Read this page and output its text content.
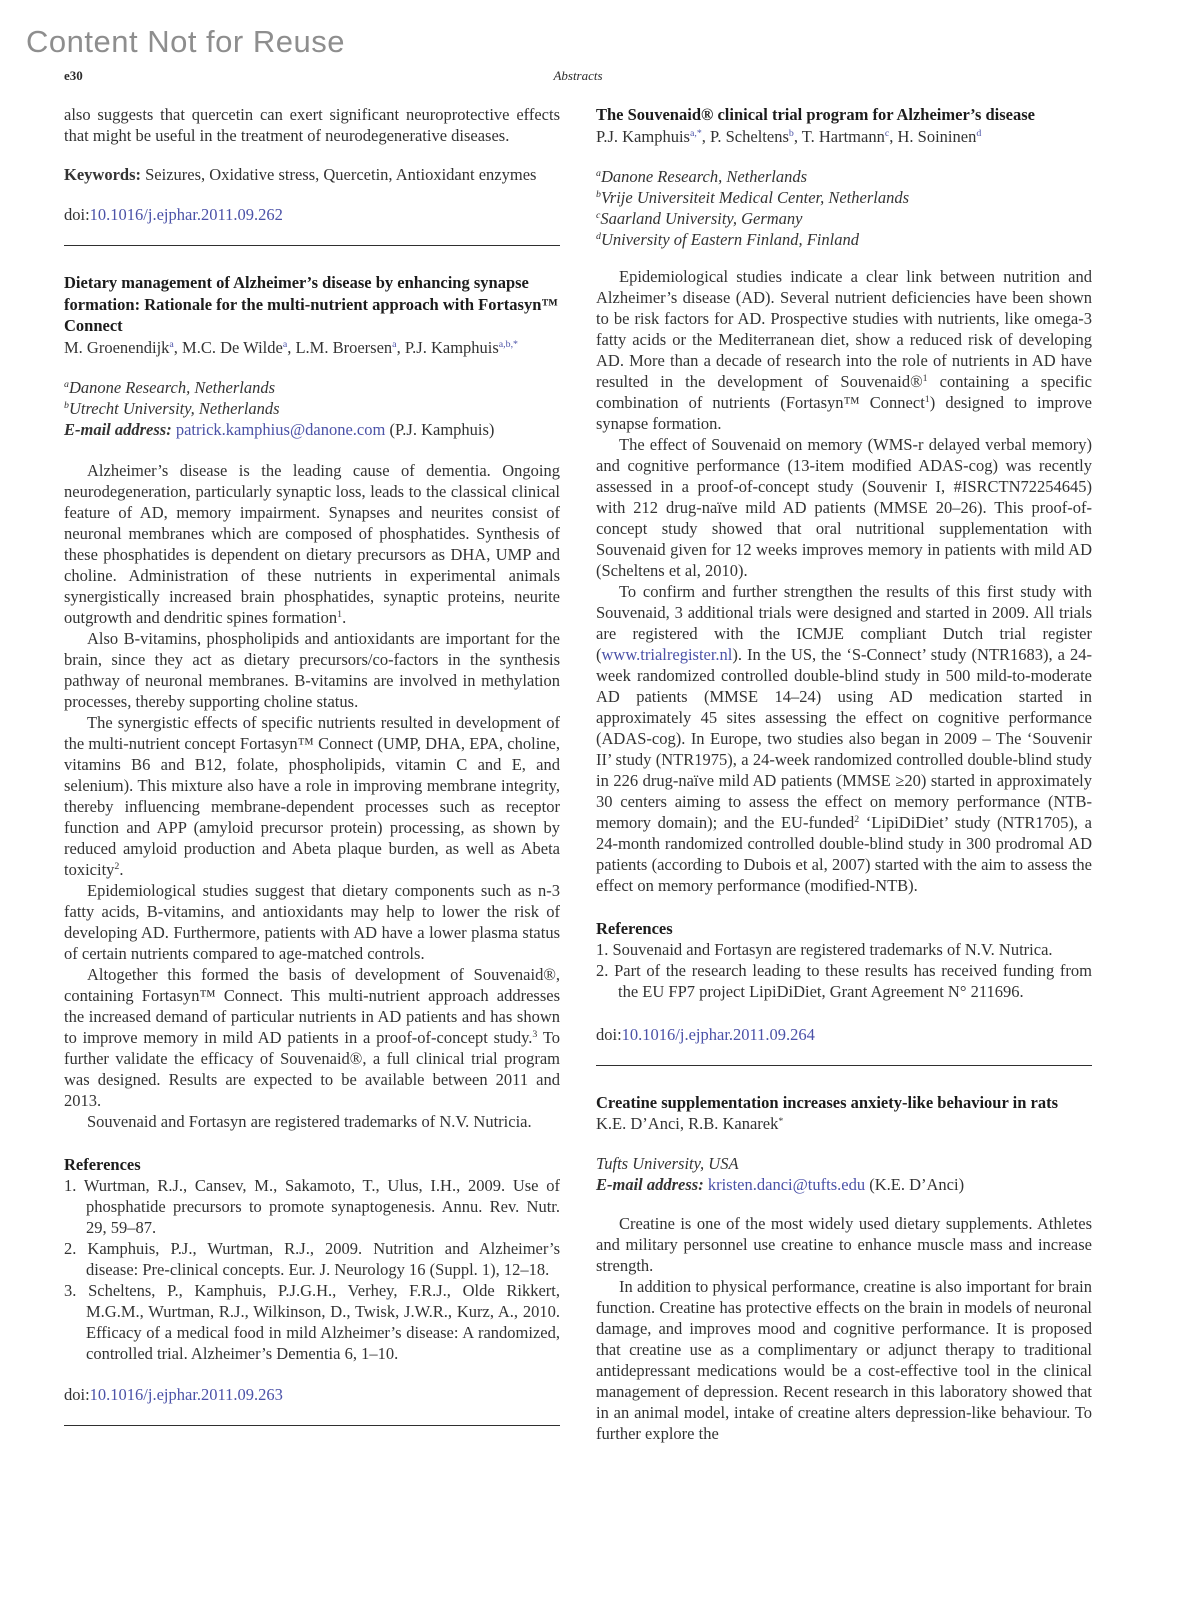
Content Not for Reuse
e30	Abstracts

also suggests that quercetin can exert significant neuroprotective effects that might be useful in the treatment of neurodegenerative diseases.

Keywords: Seizures, Oxidative stress, Quercetin, Antioxidant enzymes

doi:10.1016/j.ejphar.2011.09.262

Dietary management of Alzheimer’s disease by enhancing synapse formation: Rationale for the multi-nutrient approach with Fortasyn™ Connect

M. Groenendijk$^a$, M.C. De Wilde$^a$, L.M. Broersen$^a$, P.J. Kamphuis$^{a,b,*}$

$^a$Danone Research, Netherlands
$^b$Utrecht University, Netherlands
E-mail address: patrick.kamphius@danone.com (P.J. Kamphuis)

Alzheimer’s disease is the leading cause of dementia. Ongoing neurodegeneration, particularly synaptic loss, leads to the classical clinical feature of AD, memory impairment. Synapses and neurites consist of neuronal membranes which are composed of phosphatides. Synthesis of these phosphatides is dependent on dietary precursors as DHA, UMP and choline. Administration of these nutrients in experimental animals synergistically increased brain phosphatides, synaptic proteins, neurite outgrowth and dendritic spines formation$^1$.

Also B-vitamins, phospholipids and antioxidants are important for the brain, since they act as dietary precursors/co-factors in the synthesis pathway of neuronal membranes. B-vitamins are involved in methylation processes, thereby supporting choline status.

The synergistic effects of specific nutrients resulted in development of the multi-nutrient concept Fortasyn™ Connect (UMP, DHA, EPA, choline, vitamins B6 and B12, folate, phospholipids, vitamin C and E, and selenium). This mixture also have a role in improving membrane integrity, thereby influencing membrane-dependent processes such as receptor function and APP (amyloid precursor protein) processing, as shown by reduced amyloid production and Abeta plaque burden, as well as Abeta toxicity$^2$.

Epidemiological studies suggest that dietary components such as n-3 fatty acids, B-vitamins, and antioxidants may help to lower the risk of developing AD. Furthermore, patients with AD have a lower plasma status of certain nutrients compared to age-matched controls.

Altogether this formed the basis of development of Souvenaid®, containing Fortasyn™ Connect. This multi-nutrient approach addresses the increased demand of particular nutrients in AD patients and has shown to improve memory in mild AD patients in a proof-of-concept study.$^3$ To further validate the efficacy of Souvenaid®, a full clinical trial program was designed. Results are expected to be available between 2011 and 2013.

Souvenaid and Fortasyn are registered trademarks of N.V. Nutricia.

References

1. Wurtman, R.J., Cansev, M., Sakamoto, T., Ulus, I.H., 2009. Use of phosphatide precursors to promote synaptogenesis. Annu. Rev. Nutr. 29, 59–87.

2. Kamphuis, P.J., Wurtman, R.J., 2009. Nutrition and Alzheimer’s disease: Pre-clinical concepts. Eur. J. Neurology 16 (Suppl. 1), 12–18.

3. Scheltens, P., Kamphuis, P.J.G.H., Verhey, F.R.J., Olde Rikkert, M.G.M., Wurtman, R.J., Wilkinson, D., Twisk, J.W.R., Kurz, A., 2010. Efficacy of a medical food in mild Alzheimer’s disease: A randomized, controlled trial. Alzheimer’s Dementia 6, 1–10.

doi:10.1016/j.ejphar.2011.09.263

The Souvenaid® clinical trial program for Alzheimer’s disease

P.J. Kamphuis$^{a,*}$, P. Scheltens$^b$, T. Hartmann$^c$, H. Soininen$^d$

$^a$Danone Research, Netherlands
$^b$Vrije Universiteit Medical Center, Netherlands
$^c$Saarland University, Germany
$^d$University of Eastern Finland, Finland

Epidemiological studies indicate a clear link between nutrition and Alzheimer’s disease (AD). Several nutrient deficiencies have been shown to be risk factors for AD. Prospective studies with nutrients, like omega-3 fatty acids or the Mediterranean diet, show a reduced risk of developing AD. More than a decade of research into the role of nutrients in AD have resulted in the development of Souvenaid®$^1$ containing a specific combination of nutrients (Fortasyn™ Connect$^1$) designed to improve synapse formation.

The effect of Souvenaid on memory (WMS-r delayed verbal memory) and cognitive performance (13-item modified ADAS-cog) was recently assessed in a proof-of-concept study (Souvenir I, #ISRCTN72254645) with 212 drug-naïve mild AD patients (MMSE 20–26). This proof-of-concept study showed that oral nutritional supplementation with Souvenaid given for 12 weeks improves memory in patients with mild AD (Scheltens et al, 2010).

To confirm and further strengthen the results of this first study with Souvenaid, 3 additional trials were designed and started in 2009. All trials are registered with the ICMJE compliant Dutch trial register (www.trialregister.nl). In the US, the ‘S-Connect’ study (NTR1683), a 24-week randomized controlled double-blind study in 500 mild-to-moderate AD patients (MMSE 14–24) using AD medication started in approximately 45 sites assessing the effect on cognitive performance (ADAS-cog). In Europe, two studies also began in 2009 – The ‘Souvenir II’ study (NTR1975), a 24-week randomized controlled double-blind study in 226 drug-naïve mild AD patients (MMSE ≥20) started in approximately 30 centers aiming to assess the effect on memory performance (NTB-memory domain); and the EU-funded$^2$ ‘LipiDiDiet’ study (NTR1705), a 24-month randomized controlled double-blind study in 300 prodromal AD patients (according to Dubois et al, 2007) started with the aim to assess the effect on memory performance (modified-NTB).

References

1. Souvenaid and Fortasyn are registered trademarks of N.V. Nutrica.

2. Part of the research leading to these results has received funding from the EU FP7 project LipiDiDiet, Grant Agreement N° 211696.

doi:10.1016/j.ejphar.2011.09.264

Creatine supplementation increases anxiety-like behaviour in rats

K.E. D’Anci, R.B. Kanarek*

Tufts University, USA
E-mail address: kristen.danci@tufts.edu (K.E. D’Anci)

Creatine is one of the most widely used dietary supplements. Athletes and military personnel use creatine to enhance muscle mass and increase strength.

In addition to physical performance, creatine is also important for brain function. Creatine has protective effects on the brain in models of neuronal damage, and improves mood and cognitive performance. It is proposed that creatine use as a complimentary or adjunct therapy to traditional antidepressant medications would be a cost-effective tool in the clinical management of depression. Recent research in this laboratory showed that in an animal model, intake of creatine alters depression-like behaviour. To further explore the
